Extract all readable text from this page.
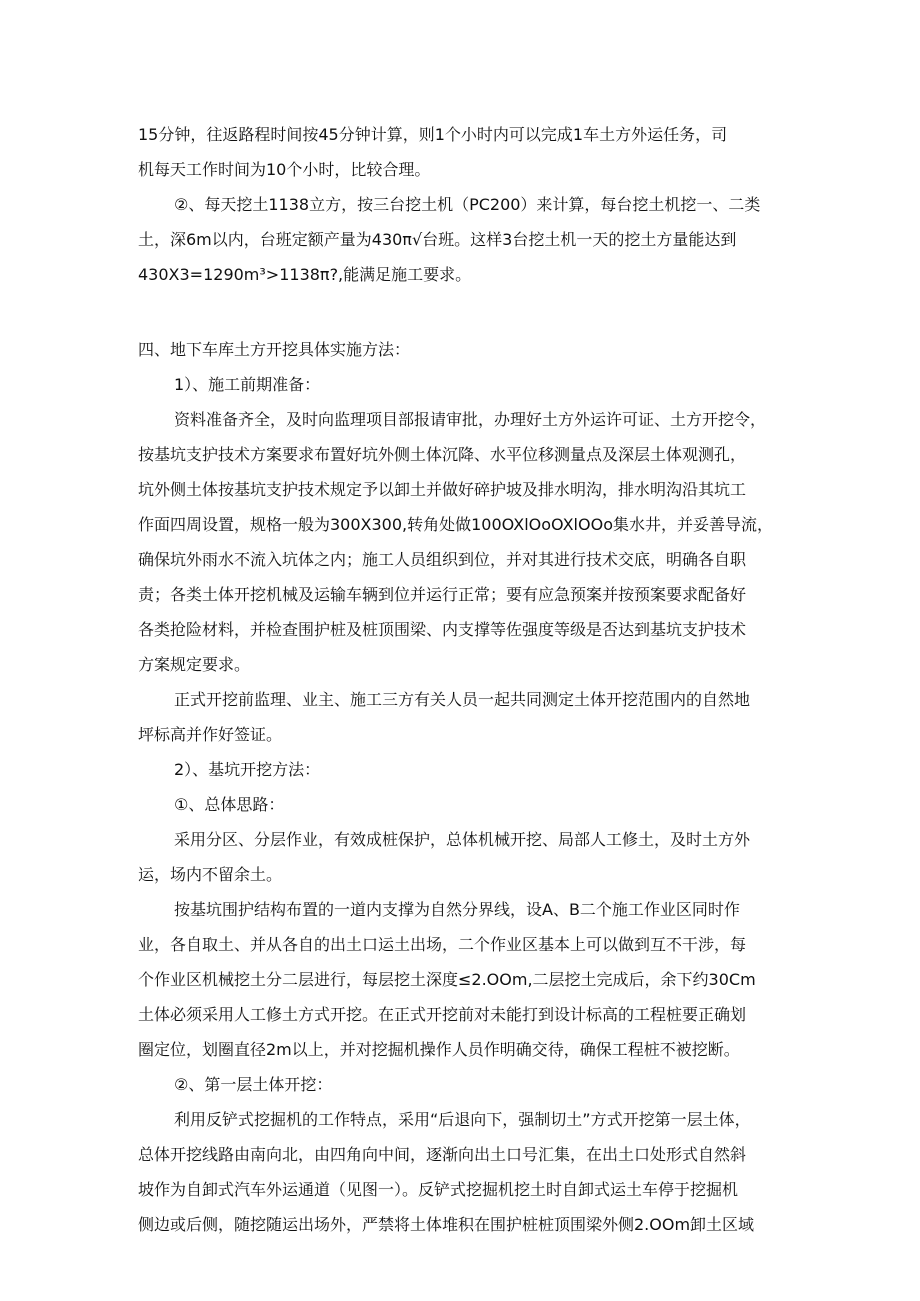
15分钟，往返路程时间按45分钟计算，则1个小时内可以完成1车土方外运任务，司
机每天工作时间为10个小时，比较合理。
②、每天挖土1138立方，按三台挖土机（PC200）来计算，每台挖土机挖一、二类
土，深6m以内，台班定额产量为430π√台班。这样3台挖土机一天的挖土方量能达到
430X3=1290m³>1138π?,能满足施工要求。
四、地下车库土方开挖具体实施方法：
1）、施工前期准备：
资料准备齐全，及时向监理项目部报请审批，办理好土方外运许可证、土方开挖令，
按基坑支护技术方案要求布置好坑外侧土体沉降、水平位移测量点及深层土体观测孔，
坑外侧土体按基坑支护技术规定予以卸土并做好碎护坡及排水明沟，排水明沟沿其坑工
作面四周设置，规格一般为300X300,转角处做100OXlOoOXlOOo集水井，并妥善导流，
确保坑外雨水不流入坑体之内；施工人员组织到位，并对其进行技术交底，明确各自职
责；各类土体开挖机械及运输车辆到位并运行正常；要有应急预案并按预案要求配备好
各类抢险材料，并检查围护桩及桩顶围梁、内支撑等佐强度等级是否达到基坑支护技术
方案规定要求。
正式开挖前监理、业主、施工三方有关人员一起共同测定土体开挖范围内的自然地
坪标高并作好签证。
2）、基坑开挖方法：
①、总体思路：
采用分区、分层作业，有效成桩保护，总体机械开挖、局部人工修土，及时土方外
运，场内不留余土。
按基坑围护结构布置的一道内支撑为自然分界线，设A、B二个施工作业区同时作
业，各自取土、并从各自的出土口运土出场，二个作业区基本上可以做到互不干涉，每
个作业区机械挖土分二层进行，每层挖土深度≤2.OOm,二层挖土完成后，余下约30Cm
土体必须采用人工修土方式开挖。在正式开挖前对未能打到设计标高的工程桩要正确划
圈定位，划圈直径2m以上，并对挖掘机操作人员作明确交待，确保工程桩不被挖断。
②、第一层土体开挖：
利用反铲式挖掘机的工作特点，采用“后退向下，强制切土”方式开挖第一层土体，
总体开挖线路由南向北，由四角向中间，逐渐向出土口号汇集，在出土口处形式自然斜
坡作为自卸式汽车外运通道（见图一）。反铲式挖掘机挖土时自卸式运土车停于挖掘机
侧边或后侧，随挖随运出场外，严禁将土体堆积在围护桩桩顶围梁外侧2.OOm卸土区域
